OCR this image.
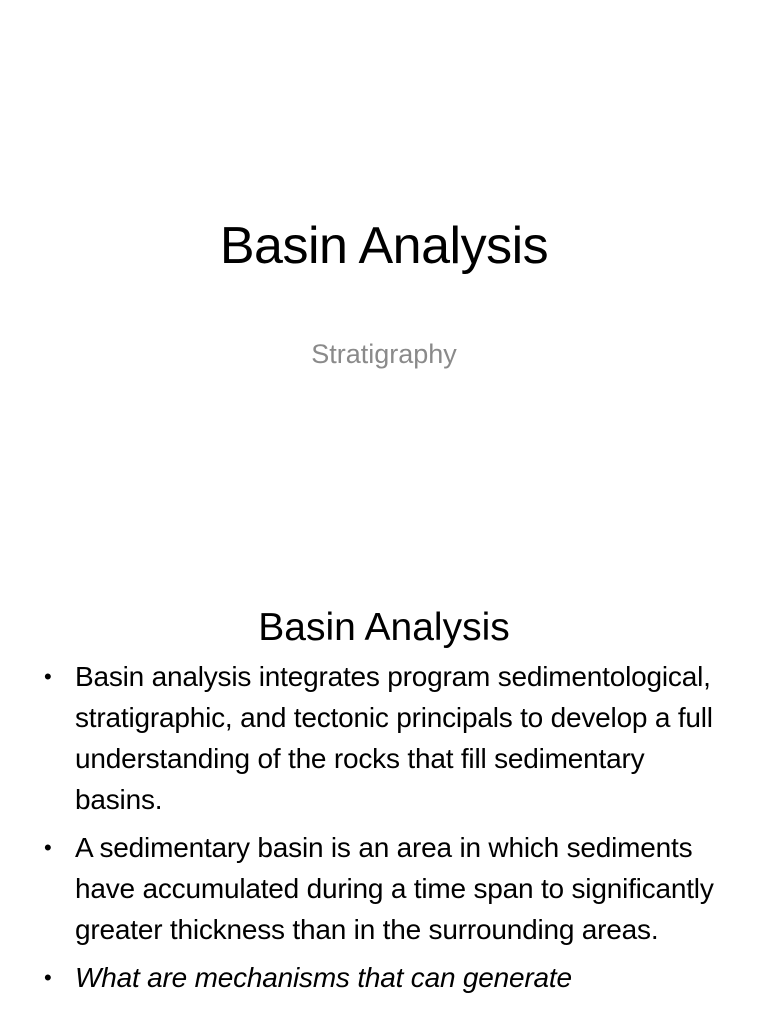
Basin Analysis
Stratigraphy
Basin Analysis
• Basin analysis integrates program sedimentological, stratigraphic, and tectonic principals to develop a full understanding of the rocks that fill sedimentary basins.
• A sedimentary basin is an area in which sediments have accumulated during a time span to significantly greater thickness than in the surrounding areas.
• What are mechanisms that can generate
